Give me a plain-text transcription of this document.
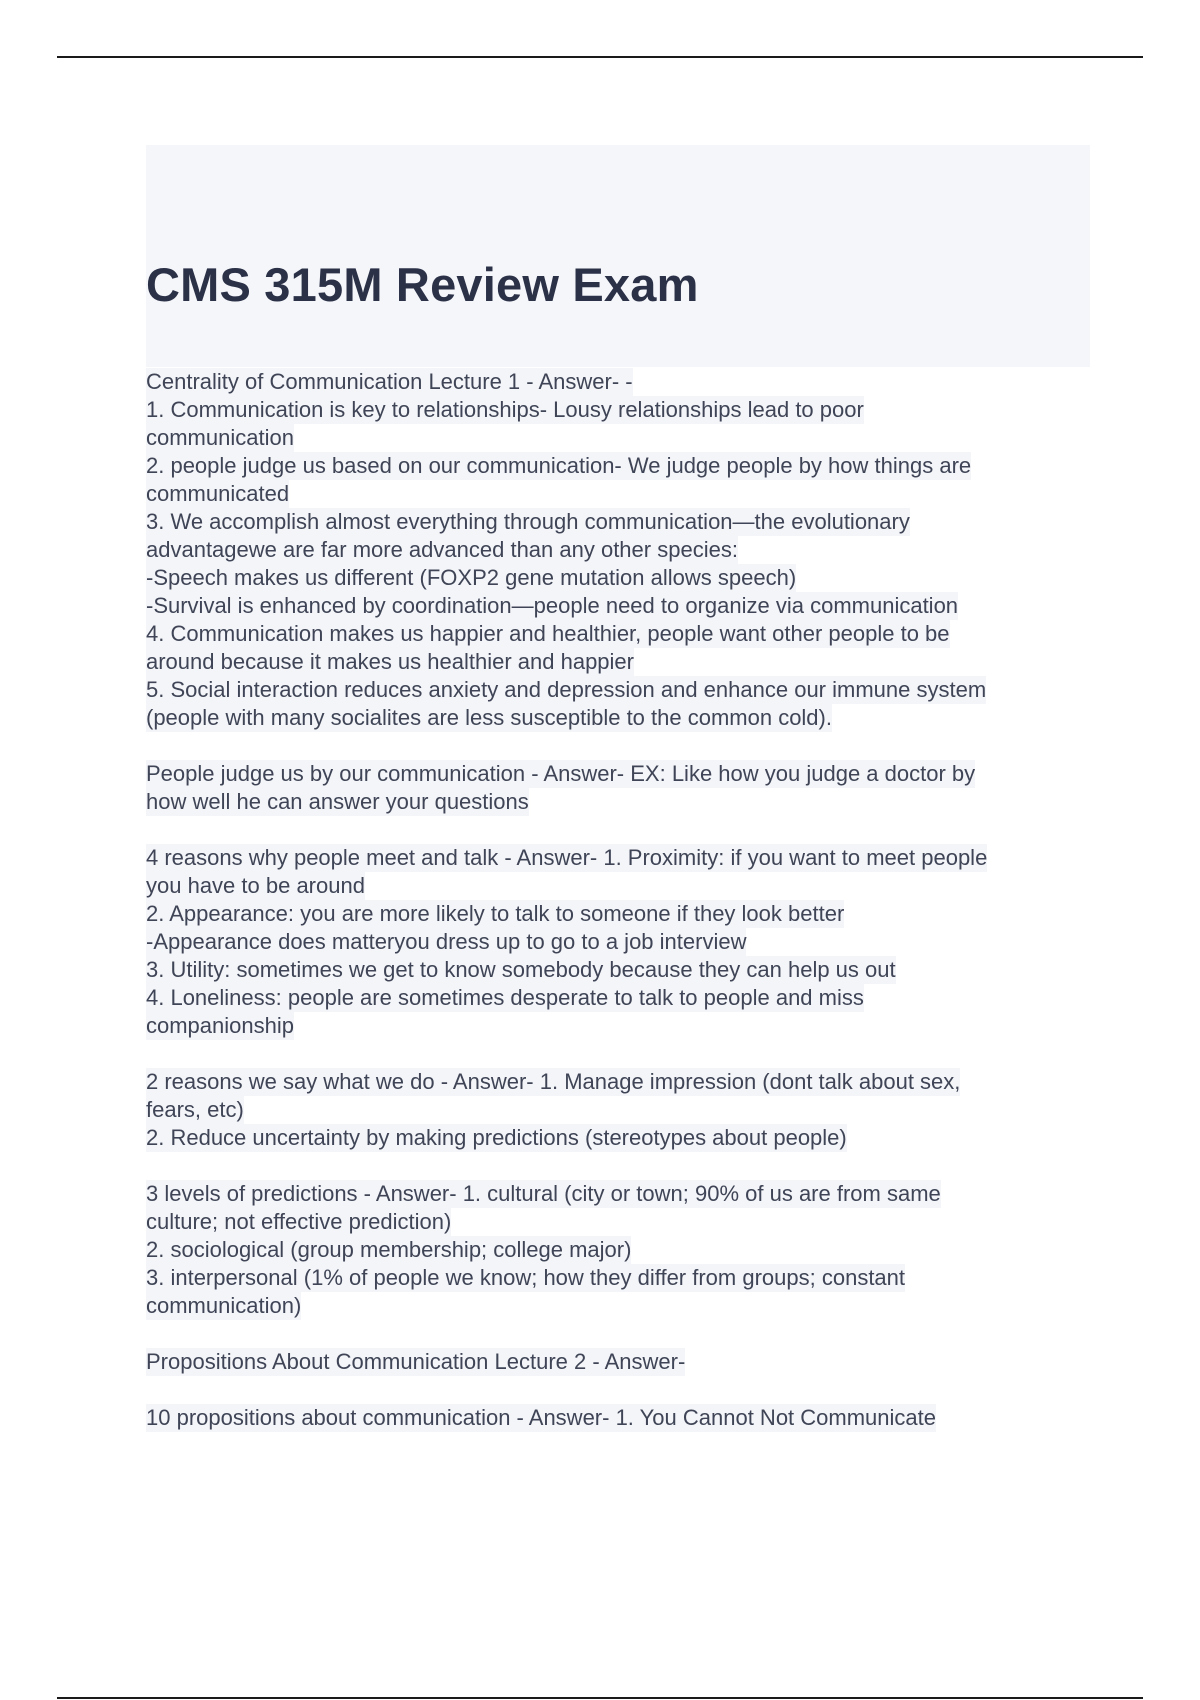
CMS 315M Review Exam
Centrality of Communication Lecture 1 - Answer- -
1. Communication is key to relationships- Lousy relationships lead to poor
communication
2. people judge us based on our communication- We judge people by how things are
communicated
3. We accomplish almost everything through communication—the evolutionary
advantagewe are far more advanced than any other species:
-Speech makes us different (FOXP2 gene mutation allows speech)
-Survival is enhanced by coordination—people need to organize via communication
4. Communication makes us happier and healthier, people want other people to be
around because it makes us healthier and happier
5. Social interaction reduces anxiety and depression and enhance our immune system
(people with many socialites are less susceptible to the common cold).
People judge us by our communication - Answer- EX: Like how you judge a doctor by
how well he can answer your questions
4 reasons why people meet and talk - Answer- 1. Proximity: if you want to meet people
you have to be around
2. Appearance: you are more likely to talk to someone if they look better
-Appearance does matteryou dress up to go to a job interview
3. Utility: sometimes we get to know somebody because they can help us out
4. Loneliness: people are sometimes desperate to talk to people and miss
companionship
2 reasons we say what we do - Answer- 1. Manage impression (dont talk about sex,
fears, etc)
2. Reduce uncertainty by making predictions (stereotypes about people)
3 levels of predictions - Answer- 1. cultural (city or town; 90% of us are from same
culture; not effective prediction)
2. sociological (group membership; college major)
3. interpersonal (1% of people we know; how they differ from groups; constant
communication)
Propositions About Communication Lecture 2 - Answer-
10 propositions about communication - Answer- 1. You Cannot Not Communicate
